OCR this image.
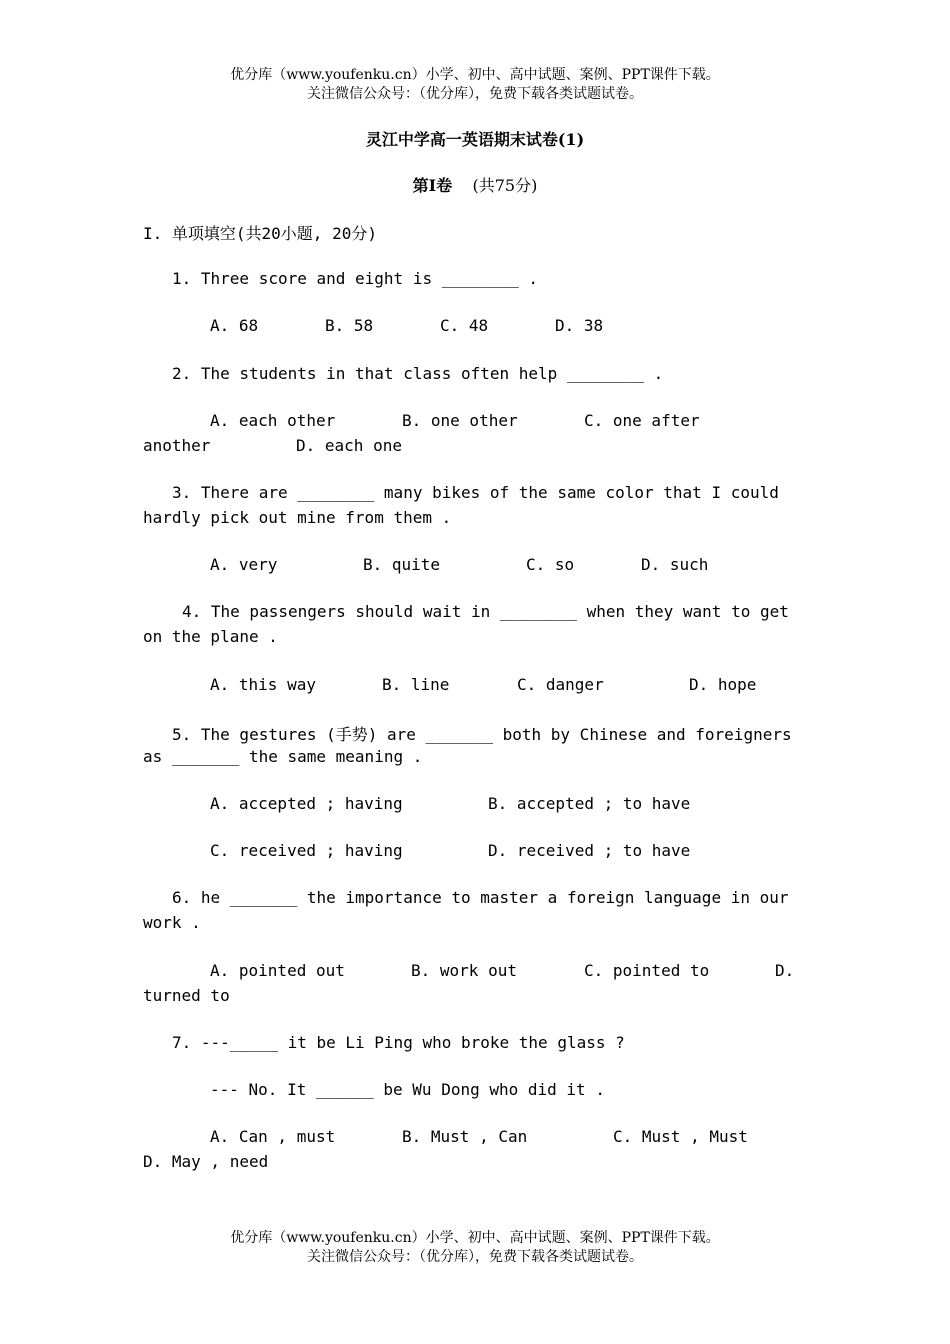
优分库（www.youfenku.cn）小学、初中、高中试题、案例、PPT课件下载。
关注微信公众号：（优分库），免费下载各类试题试卷。
灵江中学高一英语期末试卷(1)
第Ⅰ卷 (共75分)
I. 单项填空(共20小题, 20分)
1. Three score and eight is ________ .
A. 68	B. 58	C. 48	D. 38
2. The students in that class often help ________ .
A. each other	B. one other	C. one after
another	D. each one
3. There are ________ many bikes of the same color that I could
hardly pick out mine from them .
A. very	B. quite	C. so	D. such
4. The passengers should wait in ________ when they want to get
on the plane .
A. this way	B. line	C. danger	D. hope
5. The gestures (手势) are _______ both by Chinese and foreigners
as _______ the same meaning .
A. accepted ; having	B. accepted ; to have
C. received ; having	D. received ; to have
6. he _______ the importance to master a foreign language in our
work .
A. pointed out	B. work out	C. pointed to	D.
turned to
7. ---_____ it be Li Ping who broke the glass ?
--- No. It ______ be Wu Dong who did it .
A. Can , must	B. Must , Can	C. Must , Must
D. May , need
优分库（www.youfenku.cn）小学、初中、高中试题、案例、PPT课件下载。
关注微信公众号：（优分库），免费下载各类试题试卷。
